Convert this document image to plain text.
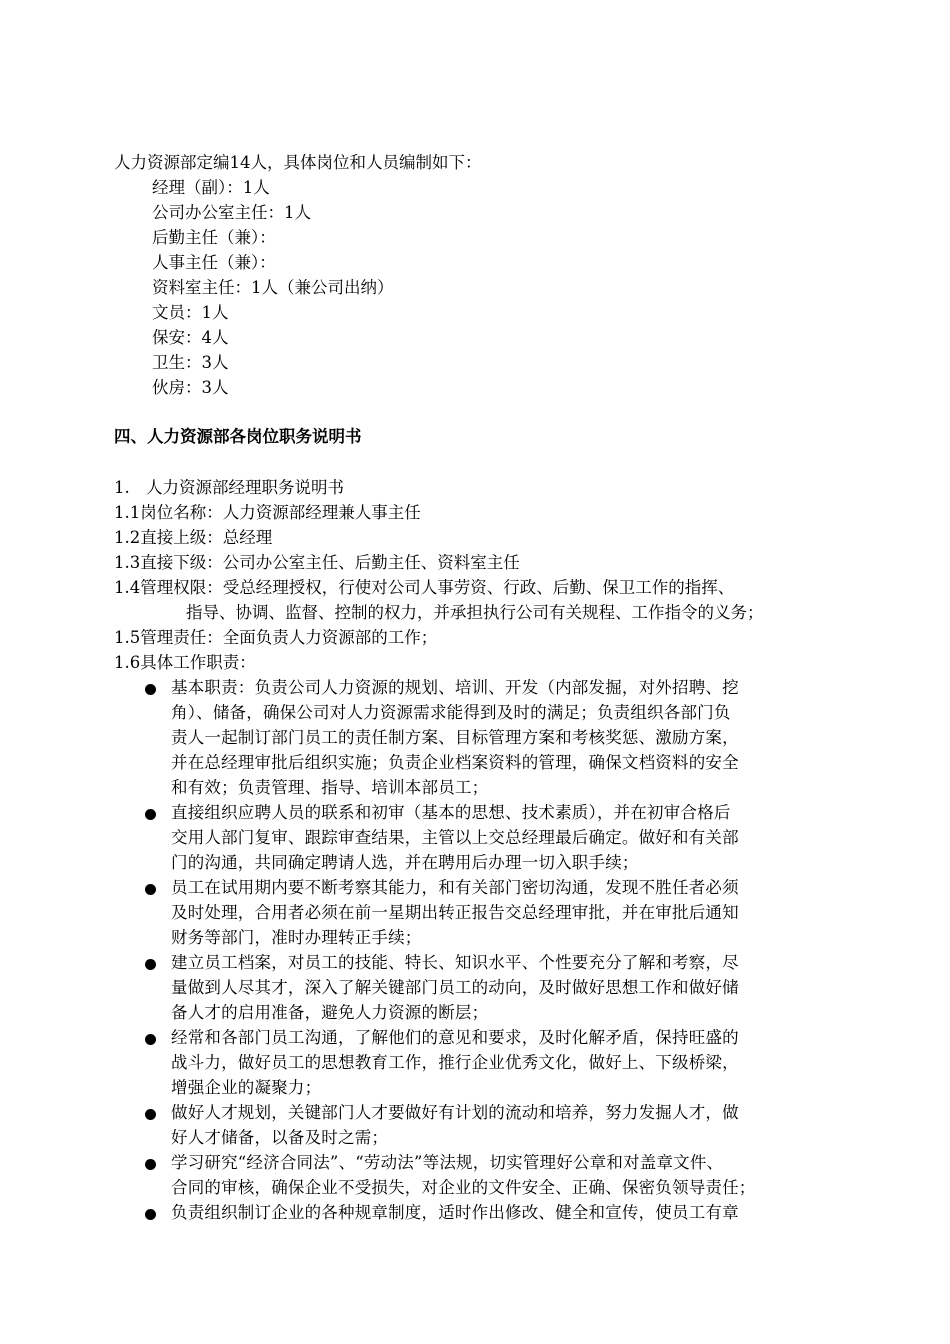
人力资源部定编14人，具体岗位和人员编制如下：

经理（副）：1人
公司办公室主任：1人
后勤主任（兼）：
人事主任（兼）：
资料室主任：1人（兼公司出纳）
文员：1人
保安：4人
卫生：3人
伙房：3人
四、人力资源部各岗位职务说明书

1. 人力资源部经理职务说明书

1.1岗位名称：人力资源部经理兼人事主任
1.2直接上级：总经理
1.3直接下级：公司办公室主任、后勤主任、资料室主任
1.4管理权限：受总经理授权，行使对公司人事劳资、行政、后勤、保卫工作的指挥、
指导、协调、监督、控制的权力，并承担执行公司有关规程、工作指令的义务；
1.5管理责任：全面负责人力资源部的工作；
1.6具体工作职责：
基本职责：负责公司人力资源的规划、培训、开发（内部发掘，对外招聘、挖
角）、储备，确保公司对人力资源需求能得到及时的满足；负责组织各部门负
责人一起制订部门员工的责任制方案、目标管理方案和考核奖惩、激励方案，
并在总经理审批后组织实施；负责企业档案资料的管理，确保文档资料的安全
和有效；负责管理、指导、培训本部员工；
直接组织应聘人员的联系和初审（基本的思想、技术素质），并在初审合格后
交用人部门复审、跟踪审查结果，主管以上交总经理最后确定。做好和有关部
门的沟通，共同确定聘请人选，并在聘用后办理一切入职手续；
员工在试用期内要不断考察其能力，和有关部门密切沟通，发现不胜任者必须
及时处理，合用者必须在前一星期出转正报告交总经理审批，并在审批后通知
财务等部门，准时办理转正手续；
建立员工档案，对员工的技能、特长、知识水平、个性要充分了解和考察，尽
量做到人尽其才，深入了解关键部门员工的动向，及时做好思想工作和做好储
备人才的启用准备，避免人力资源的断层；
经常和各部门员工沟通，了解他们的意见和要求，及时化解矛盾，保持旺盛的
战斗力，做好员工的思想教育工作，推行企业优秀文化，做好上、下级桥梁，
增强企业的凝聚力；
做好人才规划，关键部门人才要做好有计划的流动和培养，努力发掘人才，做
好人才储备，以备及时之需；
学习研究“经济合同法”、“劳动法”等法规，切实管理好公章和对盖章文件、
合同的审核，确保企业不受损失，对企业的文件安全、正确、保密负领导责任；
负责组织制订企业的各种规章制度，适时作出修改、健全和宣传，使员工有章
